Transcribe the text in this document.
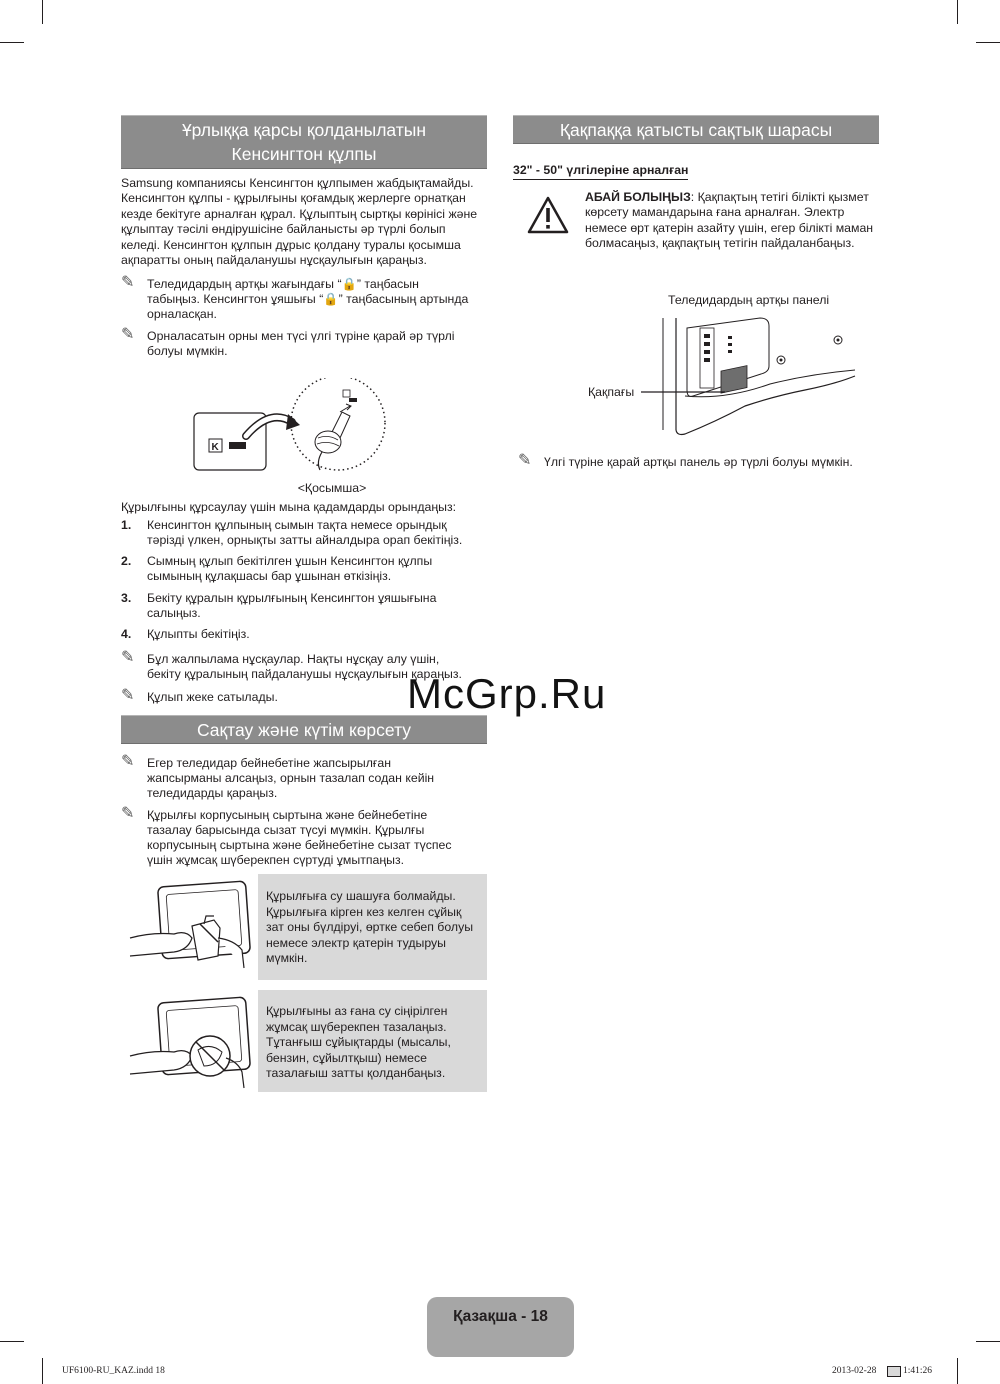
Ұрлыққа қарсы қолданылатын
Кенсингтон құлпы
Samsung компаниясы Кенсингтон құлпымен жабдықтамайды.
Кенсингтон құлпы - құрылғыны қоғамдық жерлерге орнатқан
кезде бекітуге арналған құрал. Құлыптың сыртқы көрінісі және
құлыптау тәсілі өндірушісіне байланысты әр түрлі болып
келеді. Кенсингтон құлпын дұрыс қолдану туралы қосымша
ақпаратты оның пайдаланушы нұсқаулығын қараңыз.
✎ Теледидардың артқы жағындағы “🔒” таңбасын
табыңыз. Кенсингтон ұяшығы “🔒” таңбасының артында
орналасқан.
✎ Орналасатын орны мен түсі үлгі түріне қарай әр түрлі
болуы мүмкін.
K
<Қосымша>
Құрылғыны құрсаулау үшін мына қадамдарды орындаңыз:
1. Кенсингтон құлпының сымын тақта немесе орындық
тәрізді үлкен, орнықты затты айналдыра орап бекітіңіз.
2. Сымның құлып бекітілген ұшын Кенсингтон құлпы
сымының құлақшасы бар ұшынан өткізіңіз.
3. Бекіту құралын құрылғының Кенсингтон ұяшығына
салыңыз.
4. Құлыпты бекітіңіз.
✎ Бұл жалпылама нұсқаулар. Нақты нұсқау алу үшін,
бекіту құралының пайдаланушы нұсқаулығын қараңыз.
✎ Құлып жеке сатылады.
Сақтау және күтім көрсету
✎ Егер теледидар бейнебетіне жапсырылған
жапсырманы алсаңыз, орнын тазалап содан кейін
теледидарды қараңыз.
✎ Құрылғы корпусының сыртына және бейнебетіне
тазалау барысында сызат түсуі мүмкін. Құрылғы
корпусының сыртына және бейнебетіне сызат түспес
үшін жұмсақ шүберекпен сүртуді ұмытпаңыз.
Құрылғыға су шашуға болмайды.
Құрылғыға кірген кез келген сұйық
зат оны бүлдіруі, өртке себеп болуы
немесе электр қатерін тудыруы
мүмкін.
Құрылғыны аз ғана су сіңірілген
жұмсақ шүберекпен тазалаңыз.
Тұтанғыш сұйықтарды (мысалы,
бензин, сұйылтқыш) немесе
тазалағыш затты қолданбаңыз.
Қақпаққа қатысты сақтық шарасы
32" - 50" үлгілеріне арналған
АБАЙ БОЛЫҢЫЗ: Қақпақтың тетігі білікті қызмет
көрсету мамандарына ғана арналған. Электр
немесе өрт қатерін азайту үшін, егер білікті маман
болмасаңыз, қақпақтың тетігін пайдаланбаңыз.
Теледидардың артқы панелі
Қақпағы
✎ Үлгі түріне қарай артқы панель әр түрлі болуы мүмкін.
McGrp.Ru
Қазақша - 18
UF6100-RU_KAZ.indd 18	2013-02-28	1:41:26
